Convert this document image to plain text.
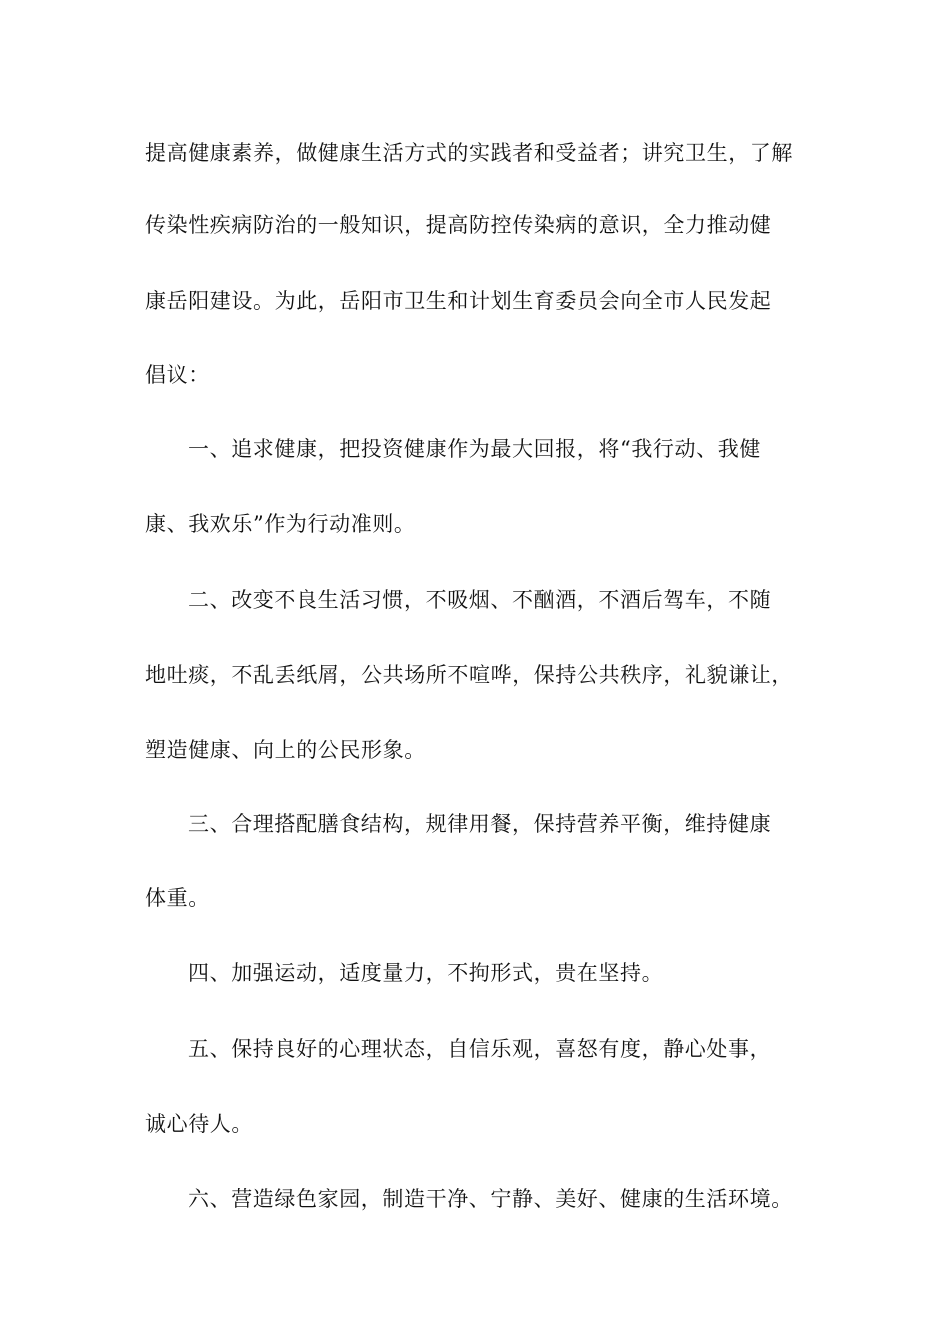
提高健康素养，做健康生活方式的实践者和受益者；讲究卫生，了解
传染性疾病防治的一般知识，提高防控传染病的意识，全力推动健
康岳阳建设。为此，岳阳市卫生和计划生育委员会向全市人民发起
倡议：
一、追求健康，把投资健康作为最大回报，将“我行动、我健
康、我欢乐”作为行动准则。
二、改变不良生活习惯，不吸烟、不酗酒，不酒后驾车，不随
地吐痰，不乱丢纸屑，公共场所不喧哗，保持公共秩序，礼貌谦让，
塑造健康、向上的公民形象。
三、合理搭配膳食结构，规律用餐，保持营养平衡，维持健康
体重。
四、加强运动，适度量力，不拘形式，贵在坚持。
五、保持良好的心理状态，自信乐观，喜怒有度，静心处事，
诚心待人。
六、营造绿色家园，制造干净、宁静、美好、健康的生活环境。
